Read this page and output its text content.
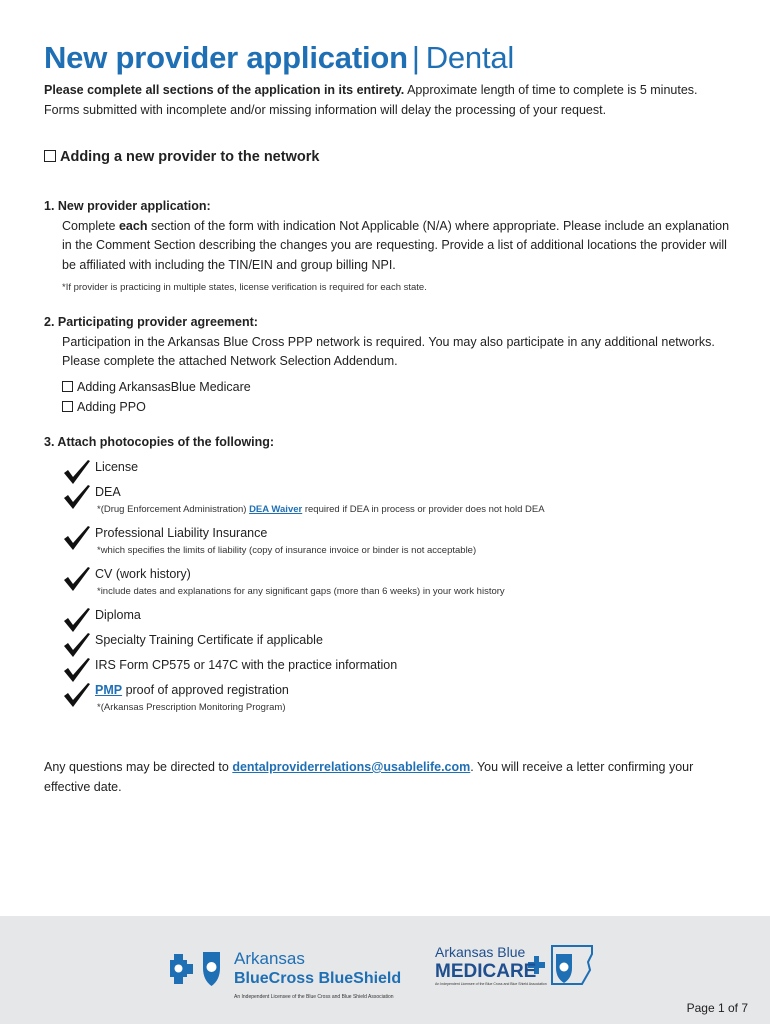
New provider application | Dental
Please complete all sections of the application in its entirety. Approximate length of time to complete is 5 minutes. Forms submitted with incomplete and/or missing information will delay the processing of your request.
Adding a new provider to the network
1. New provider application:
Complete each section of the form with indication Not Applicable (N/A) where appropriate. Please include an explanation in the Comment Section describing the changes you are requesting. Provide a list of additional locations the provider will be affiliated with including the TIN/EIN and group billing NPI.
*If provider is practicing in multiple states, license verification is required for each state.
2. Participating provider agreement:
Participation in the Arkansas Blue Cross PPP network is required. You may also participate in any additional networks. Please complete the attached Network Selection Addendum.
Adding ArkansasBlue Medicare
Adding PPO
3. Attach photocopies of the following:
License
DEA
*(Drug Enforcement Administration) DEA Waiver required if DEA in process or provider does not hold DEA
Professional Liability Insurance
*which specifies the limits of liability (copy of insurance invoice or binder is not acceptable)
CV (work history)
*include dates and explanations for any significant gaps (more than 6 weeks) in your work history
Diploma
Specialty Training Certificate if applicable
IRS Form CP575 or 147C with the practice information
PMP proof of approved registration
*(Arkansas Prescription Monitoring Program)
Any questions may be directed to dentalproviderrelations@usablelife.com. You will receive a letter confirming your effective date.
Arkansas
BlueCross BlueShield
An Independent Licensee of the Blue Cross and Blue Shield Association
Arkansas Blue
MEDICARE
An Independent Licensee of the Blue Cross and Blue Shield Association
Page 1 of 7
